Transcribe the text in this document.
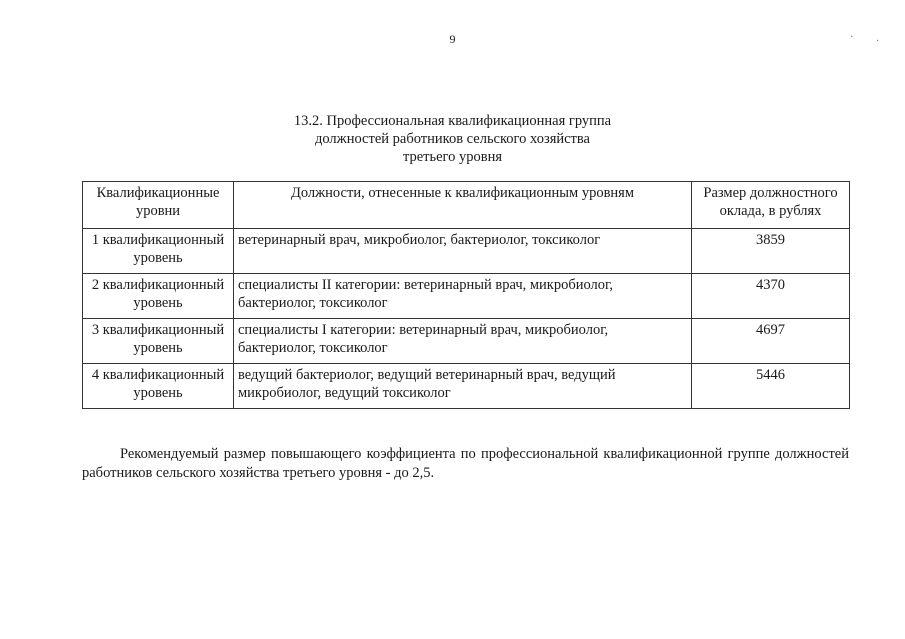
9
13.2. Профессиональная квалификационная группа
должностей работников сельского хозяйства
третьего уровня
Квалификационные уровни	Должности, отнесенные к квалификационным уровням	Размер должностного оклада, в рублях
1 квалификационный уровень	ветеринарный врач, микробиолог, бактериолог, токсиколог	3859
2 квалификационный уровень	специалисты II категории: ветеринарный врач, микробиолог, бактериолог, токсиколог	4370
3 квалификационный уровень	специалисты I категории: ветеринарный врач, микробиолог, бактериолог, токсиколог	4697
4 квалификационный уровень	ведущий бактериолог, ведущий ветеринарный врач, ведущий микробиолог, ведущий токсиколог	5446

Рекомендуемый размер повышающего коэффициента по профессиональной квалификационной группе должностей работников сельского хозяйства третьего уровня - до 2,5.

· ·
